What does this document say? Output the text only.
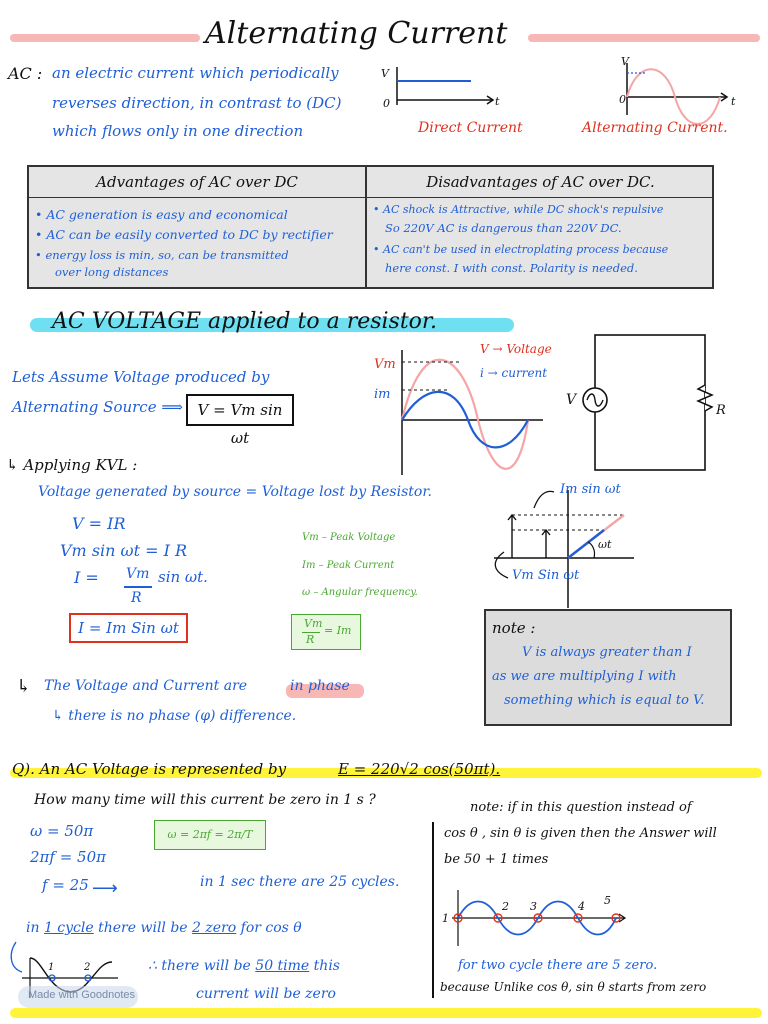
Alternating Current
AC : an electric current which periodically
reverses direction, in contrast to (DC)
which flows only in one direction
V
0	t
V
0	t
Direct Current	Alternating Current.
Advantages of AC over DC	Disadvantages of AC over DC.
• AC generation is easy and economical
• AC can be easily converted to DC by rectifier
• energy loss is min, so, can be transmitted
over long distances
• AC shock is Attractive, while DC shock's repulsive
So 220V AC is dangerous than 220V DC.
• AC can't be used in electroplating process because
here const. I with const. Polarity is needed.
AC VOLTAGE applied to a resistor.
Lets Assume Voltage produced by
Alternating Source ⟹ V = Vm sin ωt
Vm
im
V → Voltage
i → current
V
R
↳ Applying KVL :
Voltage generated by source = Voltage lost by Resistor.
V = IR
Vm sin ωt = I R
I = Vm
R
sin ωt.
I = Im Sin ωt
Vm – Peak Voltage
Im – Peak Current
ω – Angular frequency.
Vm
R
= Im
ωt
Im sin ωt
Vm Sin ωt
note :
V is always greater than I
as we are multiplying I with
something which is equal to V.
↳ The Voltage and Current are	in phase
↳ there is no phase (φ) difference.
Q). An AC Voltage is represented by	E = 220√2 cos(50πt).
How many time will this current be zero in 1 s ?
ω = 50π	ω = 2πf = 2π/T
2πf = 50π
f = 25 ⟶	in 1 sec there are 25 cycles.
in 1 cycle there will be 2 zero for cos θ
1	2	∴ there will be 50 time this
current will be zero
note: if in this question instead of
cos θ , sin θ is given then the Answer will
be 50 + 1 times
1
2 3	4 5
for two cycle there are 5 zero.
because Unlike cos θ, sin θ starts from zero
Made with Goodnotes
